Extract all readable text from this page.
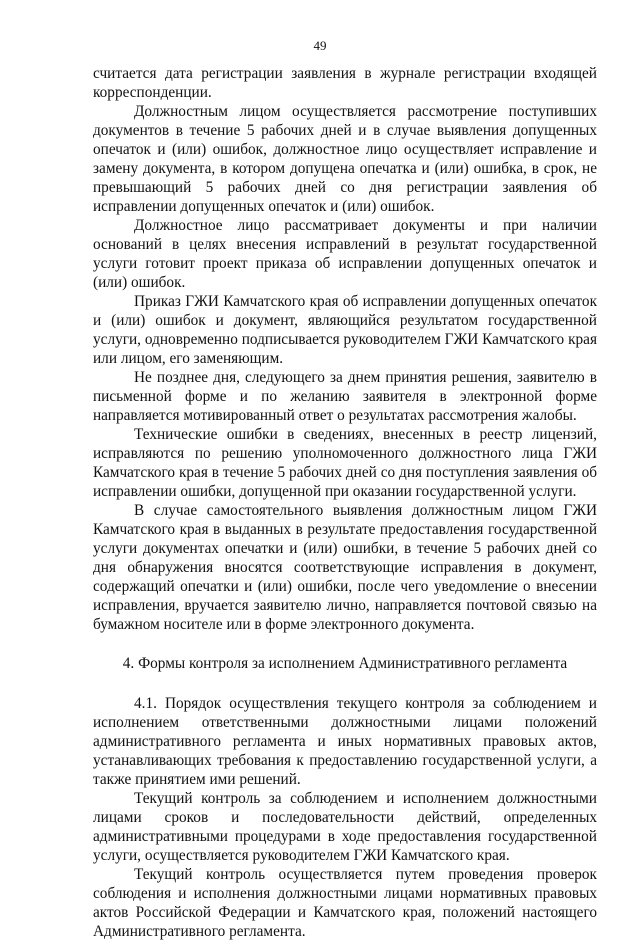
49

считается дата регистрации заявления в журнале регистрации входящей корреспонденции.

Должностным лицом осуществляется рассмотрение поступивших документов в течение 5 рабочих дней и в случае выявления допущенных опечаток и (или) ошибок, должностное лицо осуществляет исправление и замену документа, в котором допущена опечатка и (или) ошибка, в срок, не превышающий 5 рабочих дней со дня регистрации заявления об исправлении допущенных опечаток и (или) ошибок.

Должностное лицо рассматривает документы и при наличии оснований в целях внесения исправлений в результат государственной услуги готовит проект приказа об исправлении допущенных опечаток и (или) ошибок.

Приказ ГЖИ Камчатского края об исправлении допущенных опечаток и (или) ошибок и документ, являющийся результатом государственной услуги, одновременно подписывается руководителем ГЖИ Камчатского края или лицом, его заменяющим.

Не позднее дня, следующего за днем принятия решения, заявителю в письменной форме и по желанию заявителя в электронной форме направляется мотивированный ответ о результатах рассмотрения жалобы.

Технические ошибки в сведениях, внесенных в реестр лицензий, исправляются по решению уполномоченного должностного лица ГЖИ Камчатского края в течение 5 рабочих дней со дня поступления заявления об исправлении ошибки, допущенной при оказании государственной услуги.

В случае самостоятельного выявления должностным лицом ГЖИ Камчатского края в выданных в результате предоставления государственной услуги документах опечатки и (или) ошибки, в течение 5 рабочих дней со дня обнаружения вносятся соответствующие исправления в документ, содержащий опечатки и (или) ошибки, после чего уведомление о внесении исправления, вручается заявителю лично, направляется почтовой связью на бумажном носителе или в форме электронного документа.

4. Формы контроля за исполнением Административного регламента

4.1. Порядок осуществления текущего контроля за соблюдением и исполнением ответственными должностными лицами положений административного регламента и иных нормативных правовых актов, устанавливающих требования к предоставлению государственной услуги, а также принятием ими решений.

Текущий контроль за соблюдением и исполнением должностными лицами сроков и последовательности действий, определенных административными процедурами в ходе предоставления государственной услуги, осуществляется руководителем ГЖИ Камчатского края.

Текущий контроль осуществляется путем проведения проверок соблюдения и исполнения должностными лицами нормативных правовых актов Российской Федерации и Камчатского края, положений настоящего Административного регламента.
